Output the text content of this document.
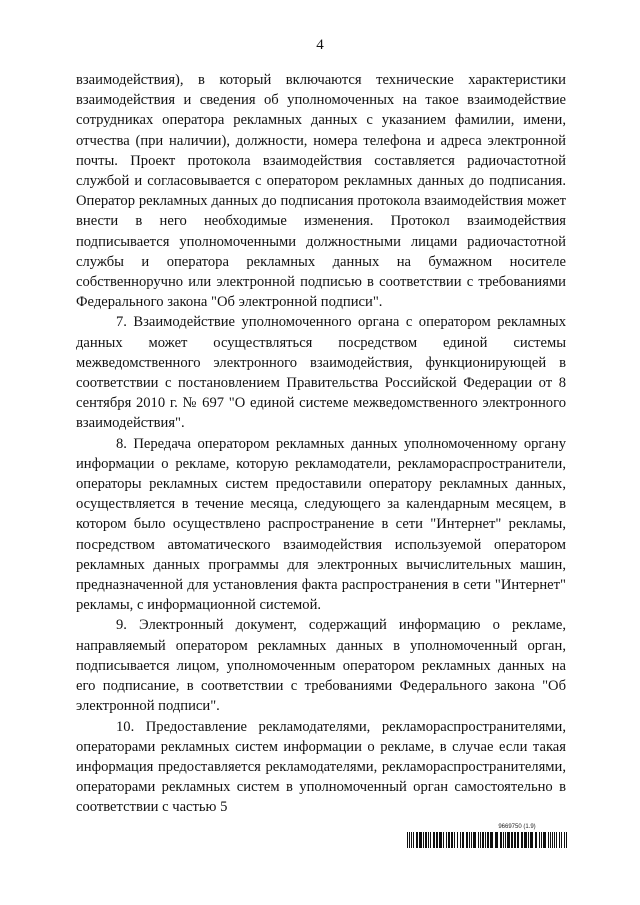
4

взаимодействия), в который включаются технические характеристики взаимодействия и сведения об уполномоченных на такое взаимодействие сотрудниках оператора рекламных данных с указанием фамилии, имени, отчества (при наличии), должности, номера телефона и адреса электронной почты. Проект протокола взаимодействия составляется радиочастотной службой и согласовывается с оператором рекламных данных до подписания. Оператор рекламных данных до подписания протокола взаимодействия может внести в него необходимые изменения. Протокол взаимодействия подписывается уполномоченными должностными лицами радиочастотной службы и оператора рекламных данных на бумажном носителе собственноручно или электронной подписью в соответствии с требованиями Федерального закона "Об электронной подписи".

7. Взаимодействие уполномоченного органа с оператором рекламных данных может осуществляться посредством единой системы межведомственного электронного взаимодействия, функционирующей в соответствии с постановлением Правительства Российской Федерации от 8 сентября 2010 г. № 697 "О единой системе межведомственного электронного взаимодействия".

8. Передача оператором рекламных данных уполномоченному органу информации о рекламе, которую рекламодатели, рекламораспространители, операторы рекламных систем предоставили оператору рекламных данных, осуществляется в течение месяца, следующего за календарным месяцем, в котором было осуществлено распространение в сети "Интернет" рекламы, посредством автоматического взаимодействия используемой оператором рекламных данных программы для электронных вычислительных машин, предназначенной для установления факта распространения в сети "Интернет" рекламы, с информационной системой.

9. Электронный документ, содержащий информацию о рекламе, направляемый оператором рекламных данных в уполномоченный орган, подписывается лицом, уполномоченным оператором рекламных данных на его подписание, в соответствии с требованиями Федерального закона "Об электронной подписи".

10. Предоставление рекламодателями, рекламораспространителями, операторами рекламных систем информации о рекламе, в случае если такая информация предоставляется рекламодателями, рекламораспространителями, операторами рекламных систем в уполномоченный орган самостоятельно в соответствии с частью 5

9669750 (1.9)
